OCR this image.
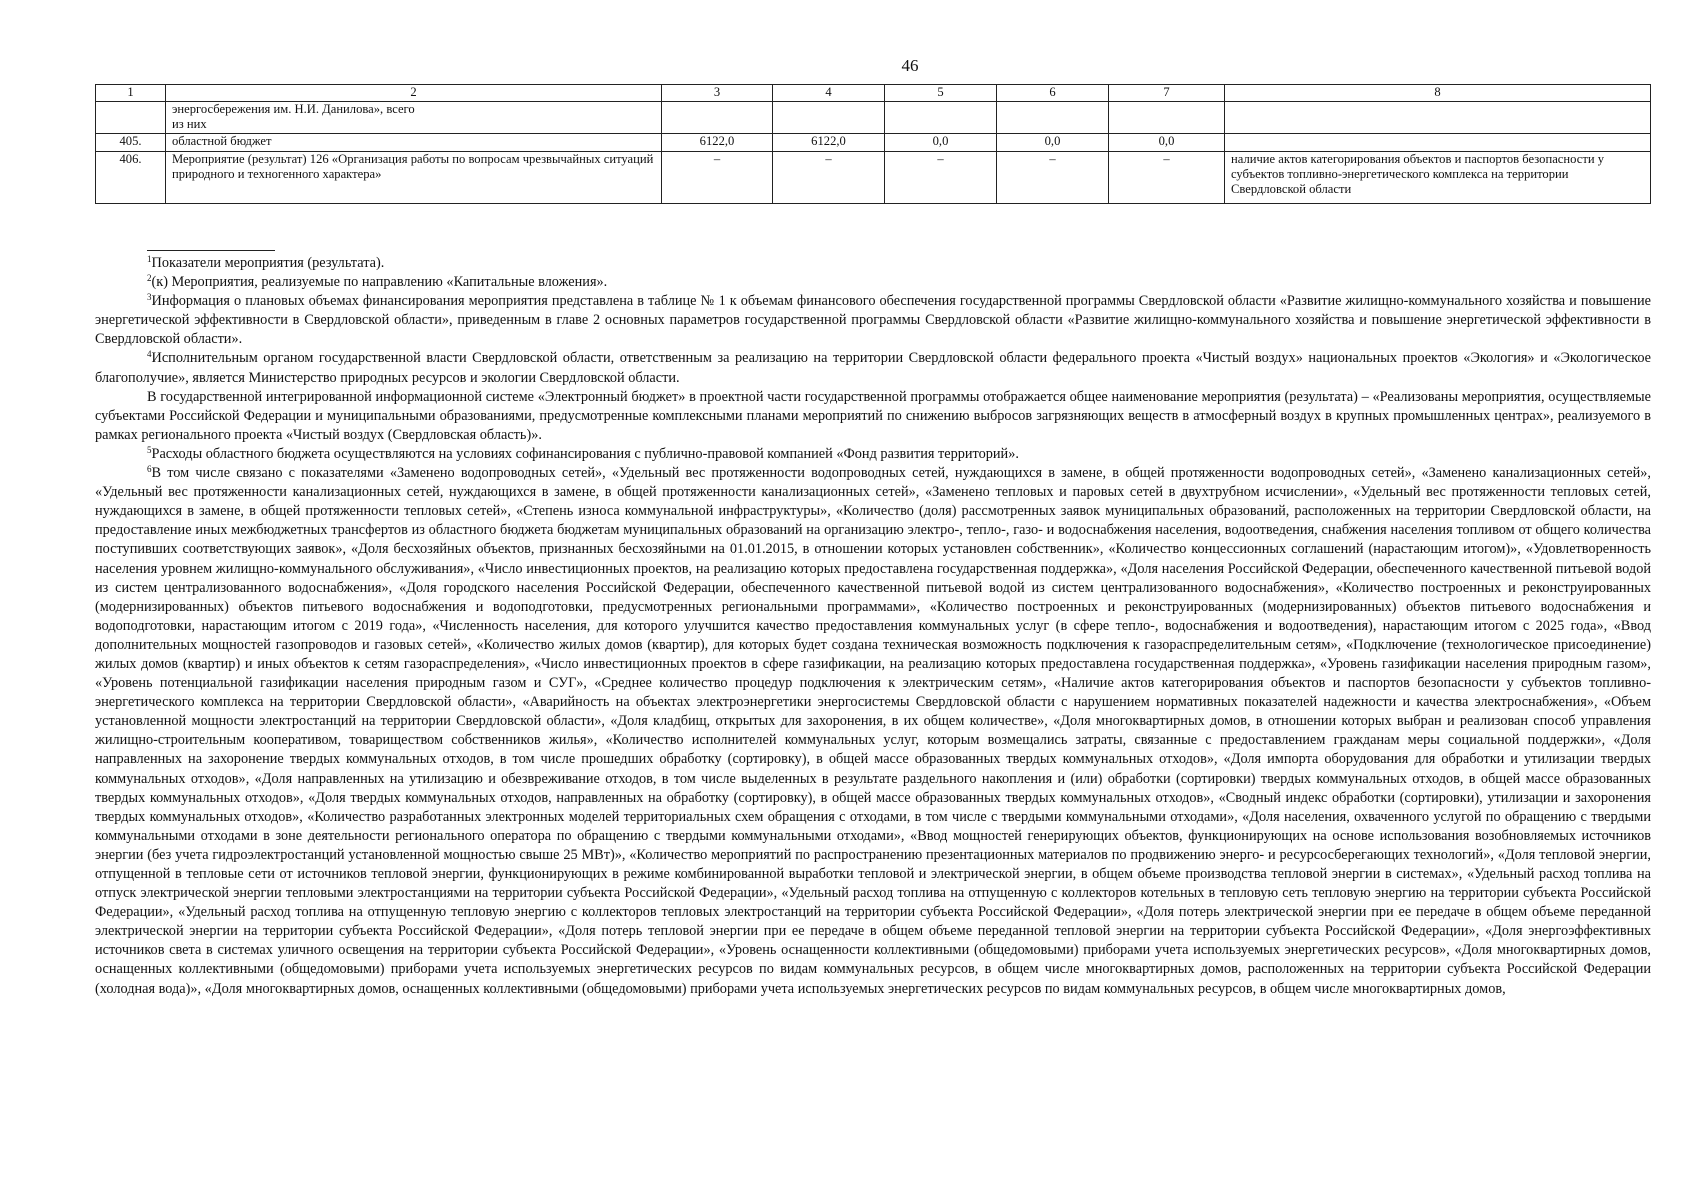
46
1	2	3	4	5	6	7	8
	энергосбережения им. Н.И. Данилова», всего
из них						
405.	областной бюджет	6122,0	6122,0	0,0	0,0	0,0	
406.	Мероприятие (результат) 126 «Организация работы по вопросам чрезвычайных ситуаций природного и техногенного характера»	–	–	–	–	–	наличие актов категорирования объектов и паспортов безопасности у субъектов топливно-энергетического комплекса на территории Свердловской области

$^1$Показатели мероприятия (результата).

$^2$(к) Мероприятия, реализуемые по направлению «Капитальные вложения».

$^3$Информация о плановых объемах финансирования мероприятия представлена в таблице № 1 к объемам финансового обеспечения государственной программы Свердловской области «Развитие жилищно-коммунального хозяйства и повышение энергетической эффективности в Свердловской области», приведенным в главе 2 основных параметров государственной программы Свердловской области «Развитие жилищно-коммунального хозяйства и повышение энергетической эффективности в Свердловской области».

$^4$Исполнительным органом государственной власти Свердловской области, ответственным за реализацию на территории Свердловской области федерального проекта «Чистый воздух» национальных проектов «Экология» и «Экологическое благополучие», является Министерство природных ресурсов и экологии Свердловской области.

В государственной интегрированной информационной системе «Электронный бюджет» в проектной части государственной программы отображается общее наименование мероприятия (результата) – «Реализованы мероприятия, осуществляемые субъектами Российской Федерации и муниципальными образованиями, предусмотренные комплексными планами мероприятий по снижению выбросов загрязняющих веществ в атмосферный воздух в крупных промышленных центрах», реализуемого в рамках регионального проекта «Чистый воздух (Свердловская область)».

$^5$Расходы областного бюджета осуществляются на условиях софинансирования с публично-правовой компанией «Фонд развития территорий».

$^6$В том числе связано с показателями «Заменено водопроводных сетей», «Удельный вес протяженности водопроводных сетей, нуждающихся в замене, в общей протяженности водопроводных сетей», «Заменено канализационных сетей», «Удельный вес протяженности канализационных сетей, нуждающихся в замене, в общей протяженности канализационных сетей», «Заменено тепловых и паровых сетей в двухтрубном исчислении», «Удельный вес протяженности тепловых сетей, нуждающихся в замене, в общей протяженности тепловых сетей», «Степень износа коммунальной инфраструктуры», «Количество (доля) рассмотренных заявок муниципальных образований, расположенных на территории Свердловской области, на предоставление иных межбюджетных трансфертов из областного бюджета бюджетам муниципальных образований на организацию электро-, тепло-, газо- и водоснабжения населения, водоотведения, снабжения населения топливом от общего количества поступивших соответствующих заявок», «Доля бесхозяйных объектов, признанных бесхозяйными на 01.01.2015, в отношении которых установлен собственник», «Количество концессионных соглашений (нарастающим итогом)», «Удовлетворенность населения уровнем жилищно-коммунального обслуживания», «Число инвестиционных проектов, на реализацию которых предоставлена государственная поддержка», «Доля населения Российской Федерации, обеспеченного качественной питьевой водой из систем централизованного водоснабжения», «Доля городского населения Российской Федерации, обеспеченного качественной питьевой водой из систем централизованного водоснабжения», «Количество построенных и реконструированных (модернизированных) объектов питьевого водоснабжения и водоподготовки, предусмотренных региональными программами», «Количество построенных и реконструированных (модернизированных) объектов питьевого водоснабжения и водоподготовки, нарастающим итогом с 2019 года», «Численность населения, для которого улучшится качество предоставления коммунальных услуг (в сфере тепло-, водоснабжения и водоотведения), нарастающим итогом с 2025 года», «Ввод дополнительных мощностей газопроводов и газовых сетей», «Количество жилых домов (квартир), для которых будет создана техническая возможность подключения к газораспределительным сетям», «Подключение (технологическое присоединение) жилых домов (квартир) и иных объектов к сетям газораспределения», «Число инвестиционных проектов в сфере газификации, на реализацию которых предоставлена государственная поддержка», «Уровень газификации населения природным газом», «Уровень потенциальной газификации населения природным газом и СУГ», «Среднее количество процедур подключения к электрическим сетям», «Наличие актов категорирования объектов и паспортов безопасности у субъектов топливно-энергетического комплекса на территории Свердловской области», «Аварийность на объектах электроэнергетики энергосистемы Свердловской области с нарушением нормативных показателей надежности и качества электроснабжения», «Объем установленной мощности электростанций на территории Свердловской области», «Доля кладбищ, открытых для захоронения, в их общем количестве», «Доля многоквартирных домов, в отношении которых выбран и реализован способ управления жилищно-строительным кооперативом, товариществом собственников жилья», «Количество исполнителей коммунальных услуг, которым возмещались затраты, связанные с предоставлением гражданам меры социальной поддержки», «Доля направленных на захоронение твердых коммунальных отходов, в том числе прошедших обработку (сортировку), в общей массе образованных твердых коммунальных отходов», «Доля импорта оборудования для обработки и утилизации твердых коммунальных отходов», «Доля направленных на утилизацию и обезвреживание отходов, в том числе выделенных в результате раздельного накопления и (или) обработки (сортировки) твердых коммунальных отходов, в общей массе образованных твердых коммунальных отходов», «Доля твердых коммунальных отходов, направленных на обработку (сортировку), в общей массе образованных твердых коммунальных отходов», «Сводный индекс обработки (сортировки), утилизации и захоронения твердых коммунальных отходов», «Количество разработанных электронных моделей территориальных схем обращения с отходами, в том числе с твердыми коммунальными отходами», «Доля населения, охваченного услугой по обращению с твердыми коммунальными отходами в зоне деятельности регионального оператора по обращению с твердыми коммунальными отходами», «Ввод мощностей генерирующих объектов, функционирующих на основе использования возобновляемых источников энергии (без учета гидроэлектростанций установленной мощностью свыше 25 МВт)», «Количество мероприятий по распространению презентационных материалов по продвижению энерго- и ресурсосберегающих технологий», «Доля тепловой энергии, отпущенной в тепловые сети от источников тепловой энергии, функционирующих в режиме комбинированной выработки тепловой и электрической энергии, в общем объеме производства тепловой энергии в системах», «Удельный расход топлива на отпуск электрической энергии тепловыми электростанциями на территории субъекта Российской Федерации», «Удельный расход топлива на отпущенную с коллекторов котельных в тепловую сеть тепловую энергию на территории субъекта Российской Федерации», «Удельный расход топлива на отпущенную тепловую энергию с коллекторов тепловых электростанций на территории субъекта Российской Федерации», «Доля потерь электрической энергии при ее передаче в общем объеме переданной электрической энергии на территории субъекта Российской Федерации», «Доля потерь тепловой энергии при ее передаче в общем объеме переданной тепловой энергии на территории субъекта Российской Федерации», «Доля энергоэффективных источников света в системах уличного освещения на территории субъекта Российской Федерации», «Уровень оснащенности коллективными (общедомовыми) приборами учета используемых энергетических ресурсов», «Доля многоквартирных домов, оснащенных коллективными (общедомовыми) приборами учета используемых энергетических ресурсов по видам коммунальных ресурсов, в общем числе многоквартирных домов, расположенных на территории субъекта Российской Федерации (холодная вода)», «Доля многоквартирных домов, оснащенных коллективными (общедомовыми) приборами учета используемых энергетических ресурсов по видам коммунальных ресурсов, в общем числе многоквартирных домов,
